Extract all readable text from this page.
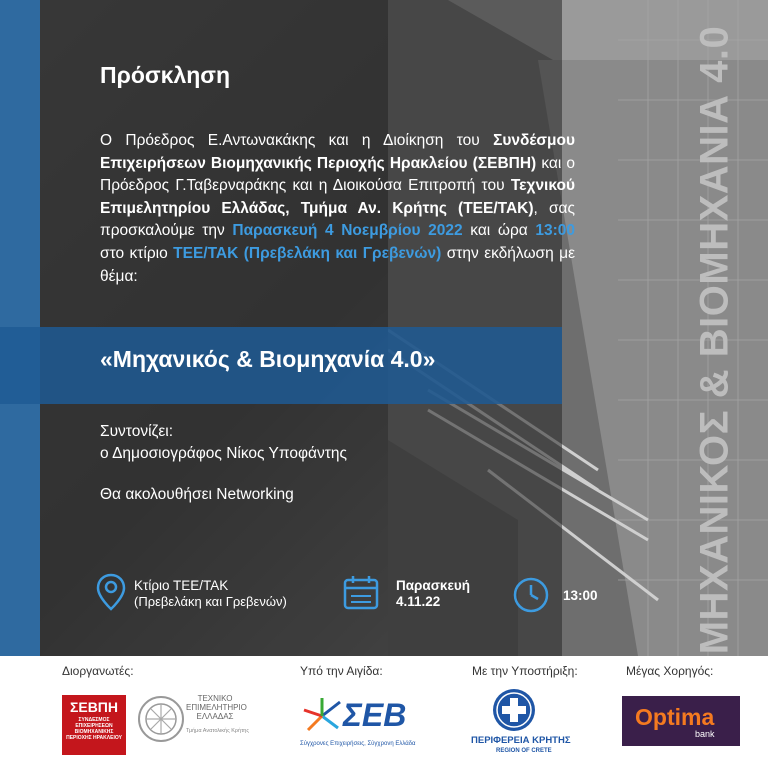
ΜΗΧΑΝΙΚΟΣ & ΒΙΟΜΗΧΑΝΙΑ 4.0
Πρόσκληση
Ο Πρόεδρος Ε.Αντωνακάκης και η Διοίκηση του Συνδέσμου Επιχειρήσεων Βιομηχανικής Περιοχής Ηρακλείου (ΣΕΒΠΗ) και ο Πρόεδρος Γ.Ταβερναράκης και η Διοικούσα Επιτροπή του Τεχνικού Επιμελητηρίου Ελλάδας, Τμήμα Αν. Κρήτης (ΤΕΕ/ΤΑΚ), σας προσκαλούμε την Παρασκευή 4 Νοεμβρίου 2022 και ώρα 13:00 στο κτίριο ΤΕΕ/ΤΑΚ (Πρεβελάκη και Γρεβενών) στην εκδήλωση με θέμα:
«Μηχανικός & Βιομηχανία 4.0»
Συντονίζει:
ο Δημοσιογράφος Νίκος Υποφάντης
Θα ακολουθήσει Networking
Κτίριο ΤΕΕ/ΤΑΚ
(Πρεβελάκη και Γρεβενών)
Παρασκευή
4.11.22	13:00
Διοργανωτές:	Υπό την Αιγίδα:	Με την Υποστήριξη:	Μέγας Χορηγός:
ΣΕΒΠΗ
ΣΥΝΔΕΣΜΟΣ
ΕΠΙΧΕΙΡΗΣΕΩΝ
ΒΙΟΜΗΧΑΝΙΚΗΣ
ΠΕΡΙΟΧΗΣ ΗΡΑΚΛΕΙΟΥ
ΤΕΧΝΙΚΟ
ΕΠΙΜΕΛΗΤΗΡΙΟ
ΕΛΛΑΔΑΣ
Τμήμα Ανατολικής Κρήτης	ΣΕΒ
Σύγχρονες Επιχειρήσεις, Σύγχρονη Ελλάδα	ΠΕΡΙΦΕΡΕΙΑ ΚΡΗΤΗΣ
REGION OF CRETE
Optima
bank
